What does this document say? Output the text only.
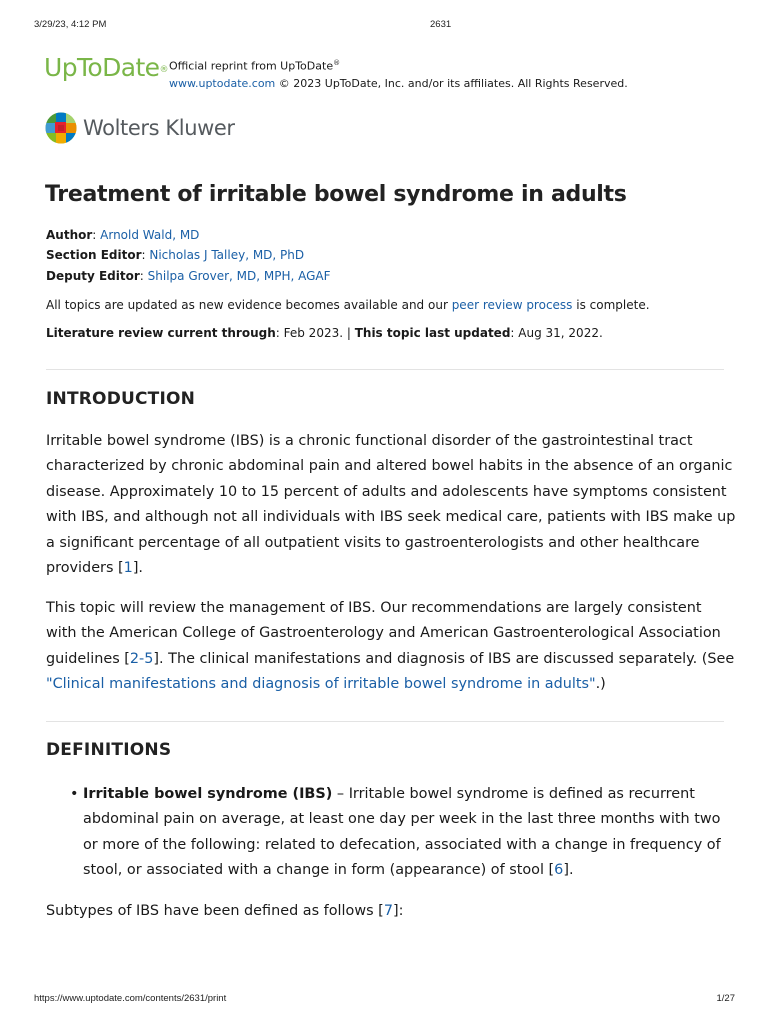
3/29/23, 4:12 PM	2631
UpToDate® Official reprint from UpToDate®
www.uptodate.com © 2023 UpToDate, Inc. and/or its affiliates. All Rights Reserved.
Wolters Kluwer
Treatment of irritable bowel syndrome in adults
Author: Arnold Wald, MD
Section Editor: Nicholas J Talley, MD, PhD
Deputy Editor: Shilpa Grover, MD, MPH, AGAF
All topics are updated as new evidence becomes available and our peer review process is complete.
Literature review current through: Feb 2023. | This topic last updated: Aug 31, 2022.
INTRODUCTION

Irritable bowel syndrome (IBS) is a chronic functional disorder of the gastrointestinal tract characterized by chronic abdominal pain and altered bowel habits in the absence of an organic disease. Approximately 10 to 15 percent of adults and adolescents have symptoms consistent with IBS, and although not all individuals with IBS seek medical care, patients with IBS make up a significant percentage of all outpatient visits to gastroenterologists and other healthcare providers [1].

This topic will review the management of IBS. Our recommendations are largely consistent with the American College of Gastroenterology and American Gastroenterological Association guidelines [2-5]. The clinical manifestations and diagnosis of IBS are discussed separately. (See "Clinical manifestations and diagnosis of irritable bowel syndrome in adults".)

DEFINITIONS
• Irritable bowel syndrome (IBS) – Irritable bowel syndrome is defined as recurrent abdominal pain on average, at least one day per week in the last three months with two or more of the following: related to defecation, associated with a change in frequency of stool, or associated with a change in form (appearance) of stool [6].

Subtypes of IBS have been defined as follows [7]:

https://www.uptodate.com/contents/2631/print	1/27
